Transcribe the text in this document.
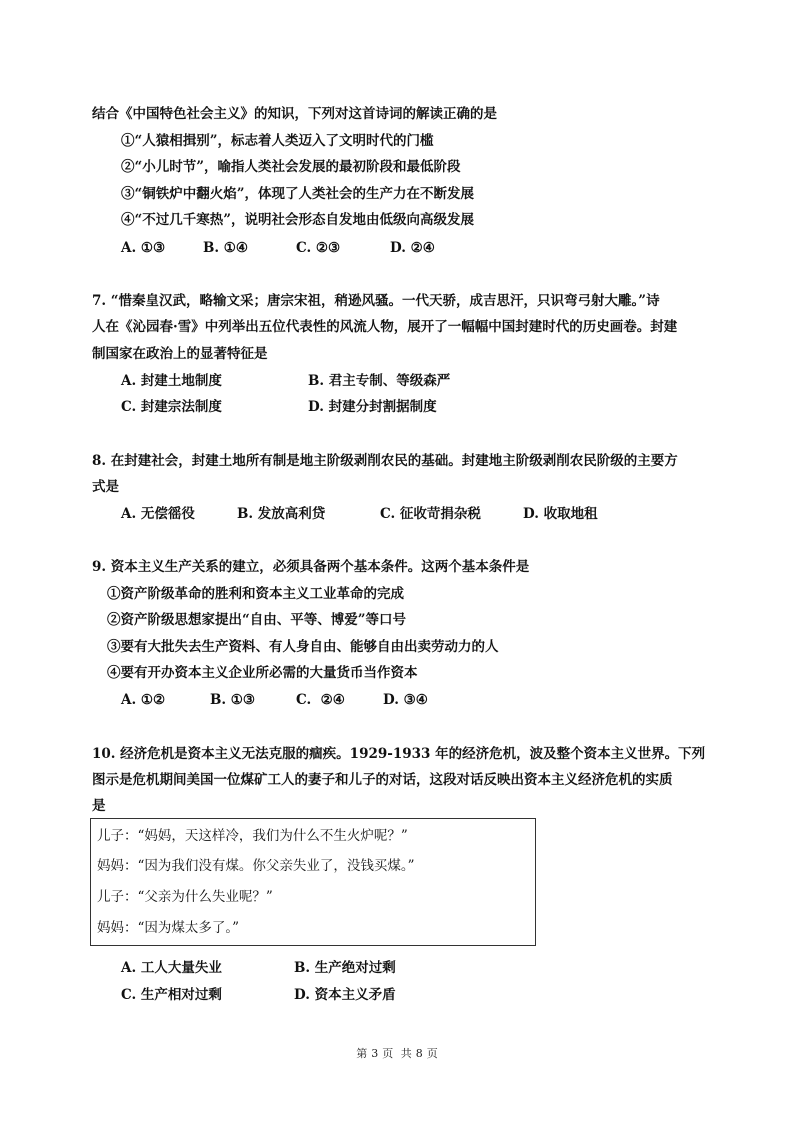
结合《中国特色社会主义》的知识，下列对这首诗词的解读正确的是
①“人猿相揖别”，标志着人类迈入了文明时代的门槛
②“小儿时节”，喻指人类社会发展的最初阶段和最低阶段
③“铜铁炉中翻火焰”，体现了人类社会的生产力在不断发展
④“不过几千寒热”，说明社会形态自发地由低级向高级发展
A. ①③	B. ①④	C. ②③	D. ②④
7. “惜秦皇汉武，略输文采；唐宗宋祖，稍逊风骚。一代天骄，成吉思汗，只识弯弓射大雕。”诗
人在《沁园春·雪》中列举出五位代表性的风流人物，展开了一幅幅中国封建时代的历史画卷。封建
制国家在政治上的显著特征是
A. 封建土地制度	B. 君主专制、等级森严
C. 封建宗法制度	D. 封建分封割据制度
8. 在封建社会，封建土地所有制是地主阶级剥削农民的基础。封建地主阶级剥削农民阶级的主要方
式是
A. 无偿徭役	B. 发放高利贷	C. 征收苛捐杂税	D. 收取地租
9. 资本主义生产关系的建立，必须具备两个基本条件。这两个基本条件是
①资产阶级革命的胜利和资本主义工业革命的完成
②资产阶级思想家提出“自由、平等、博爱”等口号
③要有大批失去生产资料、有人身自由、能够自由出卖劳动力的人
④要有开办资本主义企业所必需的大量货币当作资本
A. ①②	B. ①③	C.  ②④	D. ③④
10. 经济危机是资本主义无法克服的痼疾。1929-1933 年的经济危机，波及整个资本主义世界。下列
图示是危机期间美国一位煤矿工人的妻子和儿子的对话，这段对话反映出资本主义经济危机的实质
是
儿子：“妈妈，天这样冷，我们为什么不生火炉呢？”
妈妈：“因为我们没有煤。你父亲失业了，没钱买煤。”
儿子：“父亲为什么失业呢？”
妈妈：“因为煤太多了。”
A. 工人大量失业	B. 生产绝对过剩
C. 生产相对过剩	D. 资本主义矛盾
第 3 页 共 8 页
